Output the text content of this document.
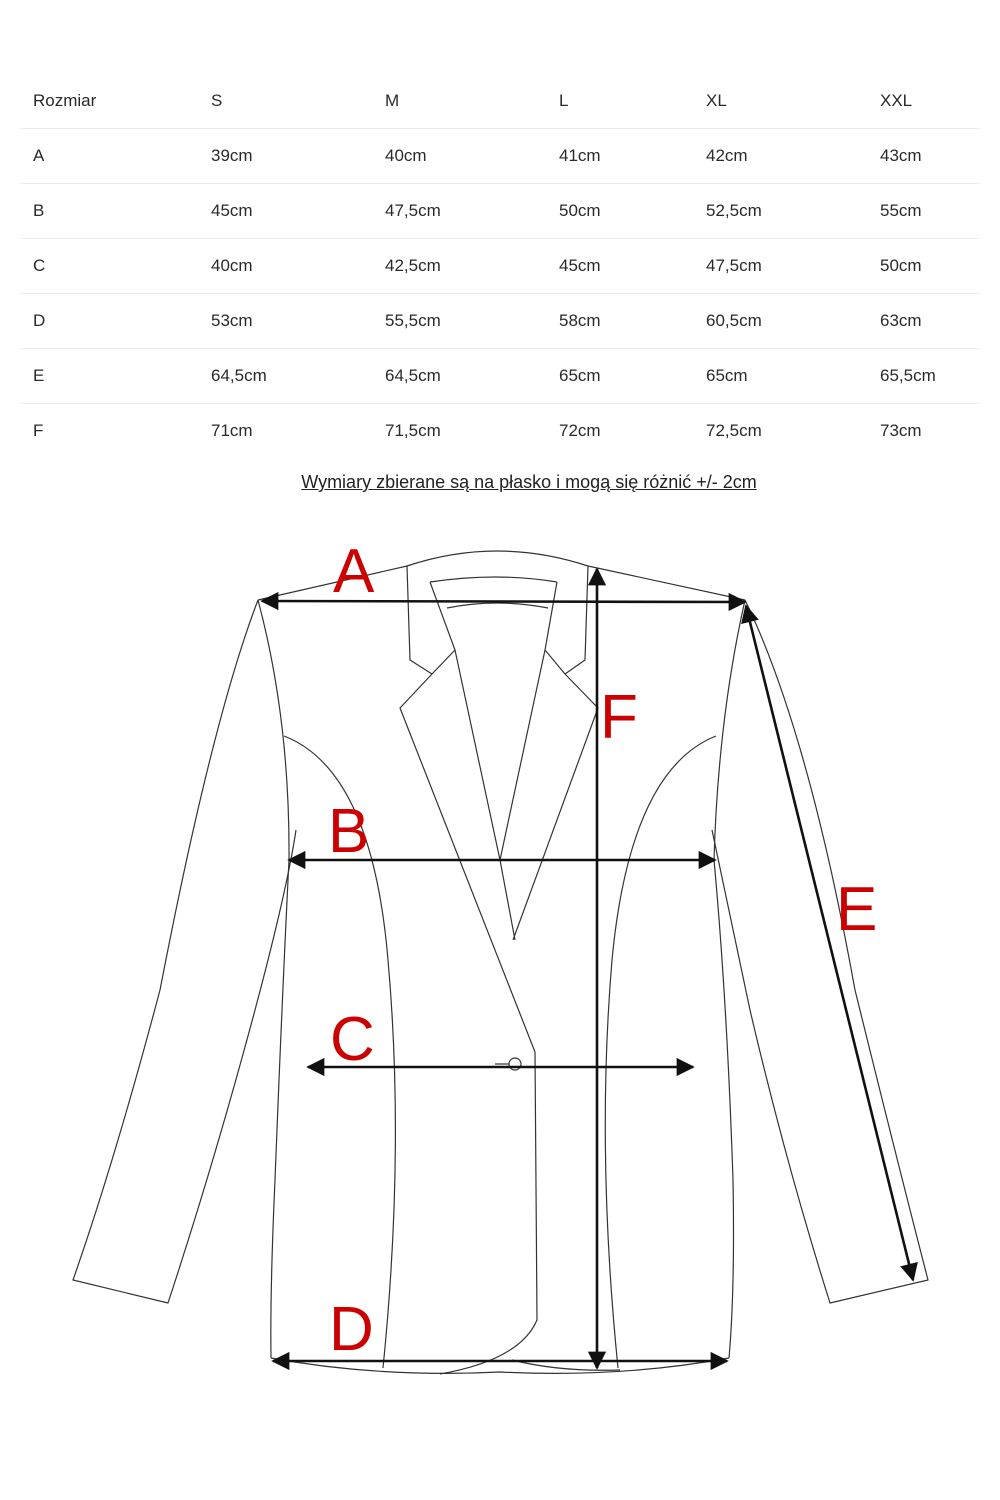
Rozmiar	S	M	L	XL	XXL
A	39cm	40cm	41cm	42cm	43cm
B	45cm	47,5cm	50cm	52,5cm	55cm
C	40cm	42,5cm	45cm	47,5cm	50cm
D	53cm	55,5cm	58cm	60,5cm	63cm
E	64,5cm	64,5cm	65cm	65cm	65,5cm
F	71cm	71,5cm	72cm	72,5cm	73cm
Wymiary zbierane są na płasko i mogą się różnić +/- 2cm
A
B
C
D
E
F
